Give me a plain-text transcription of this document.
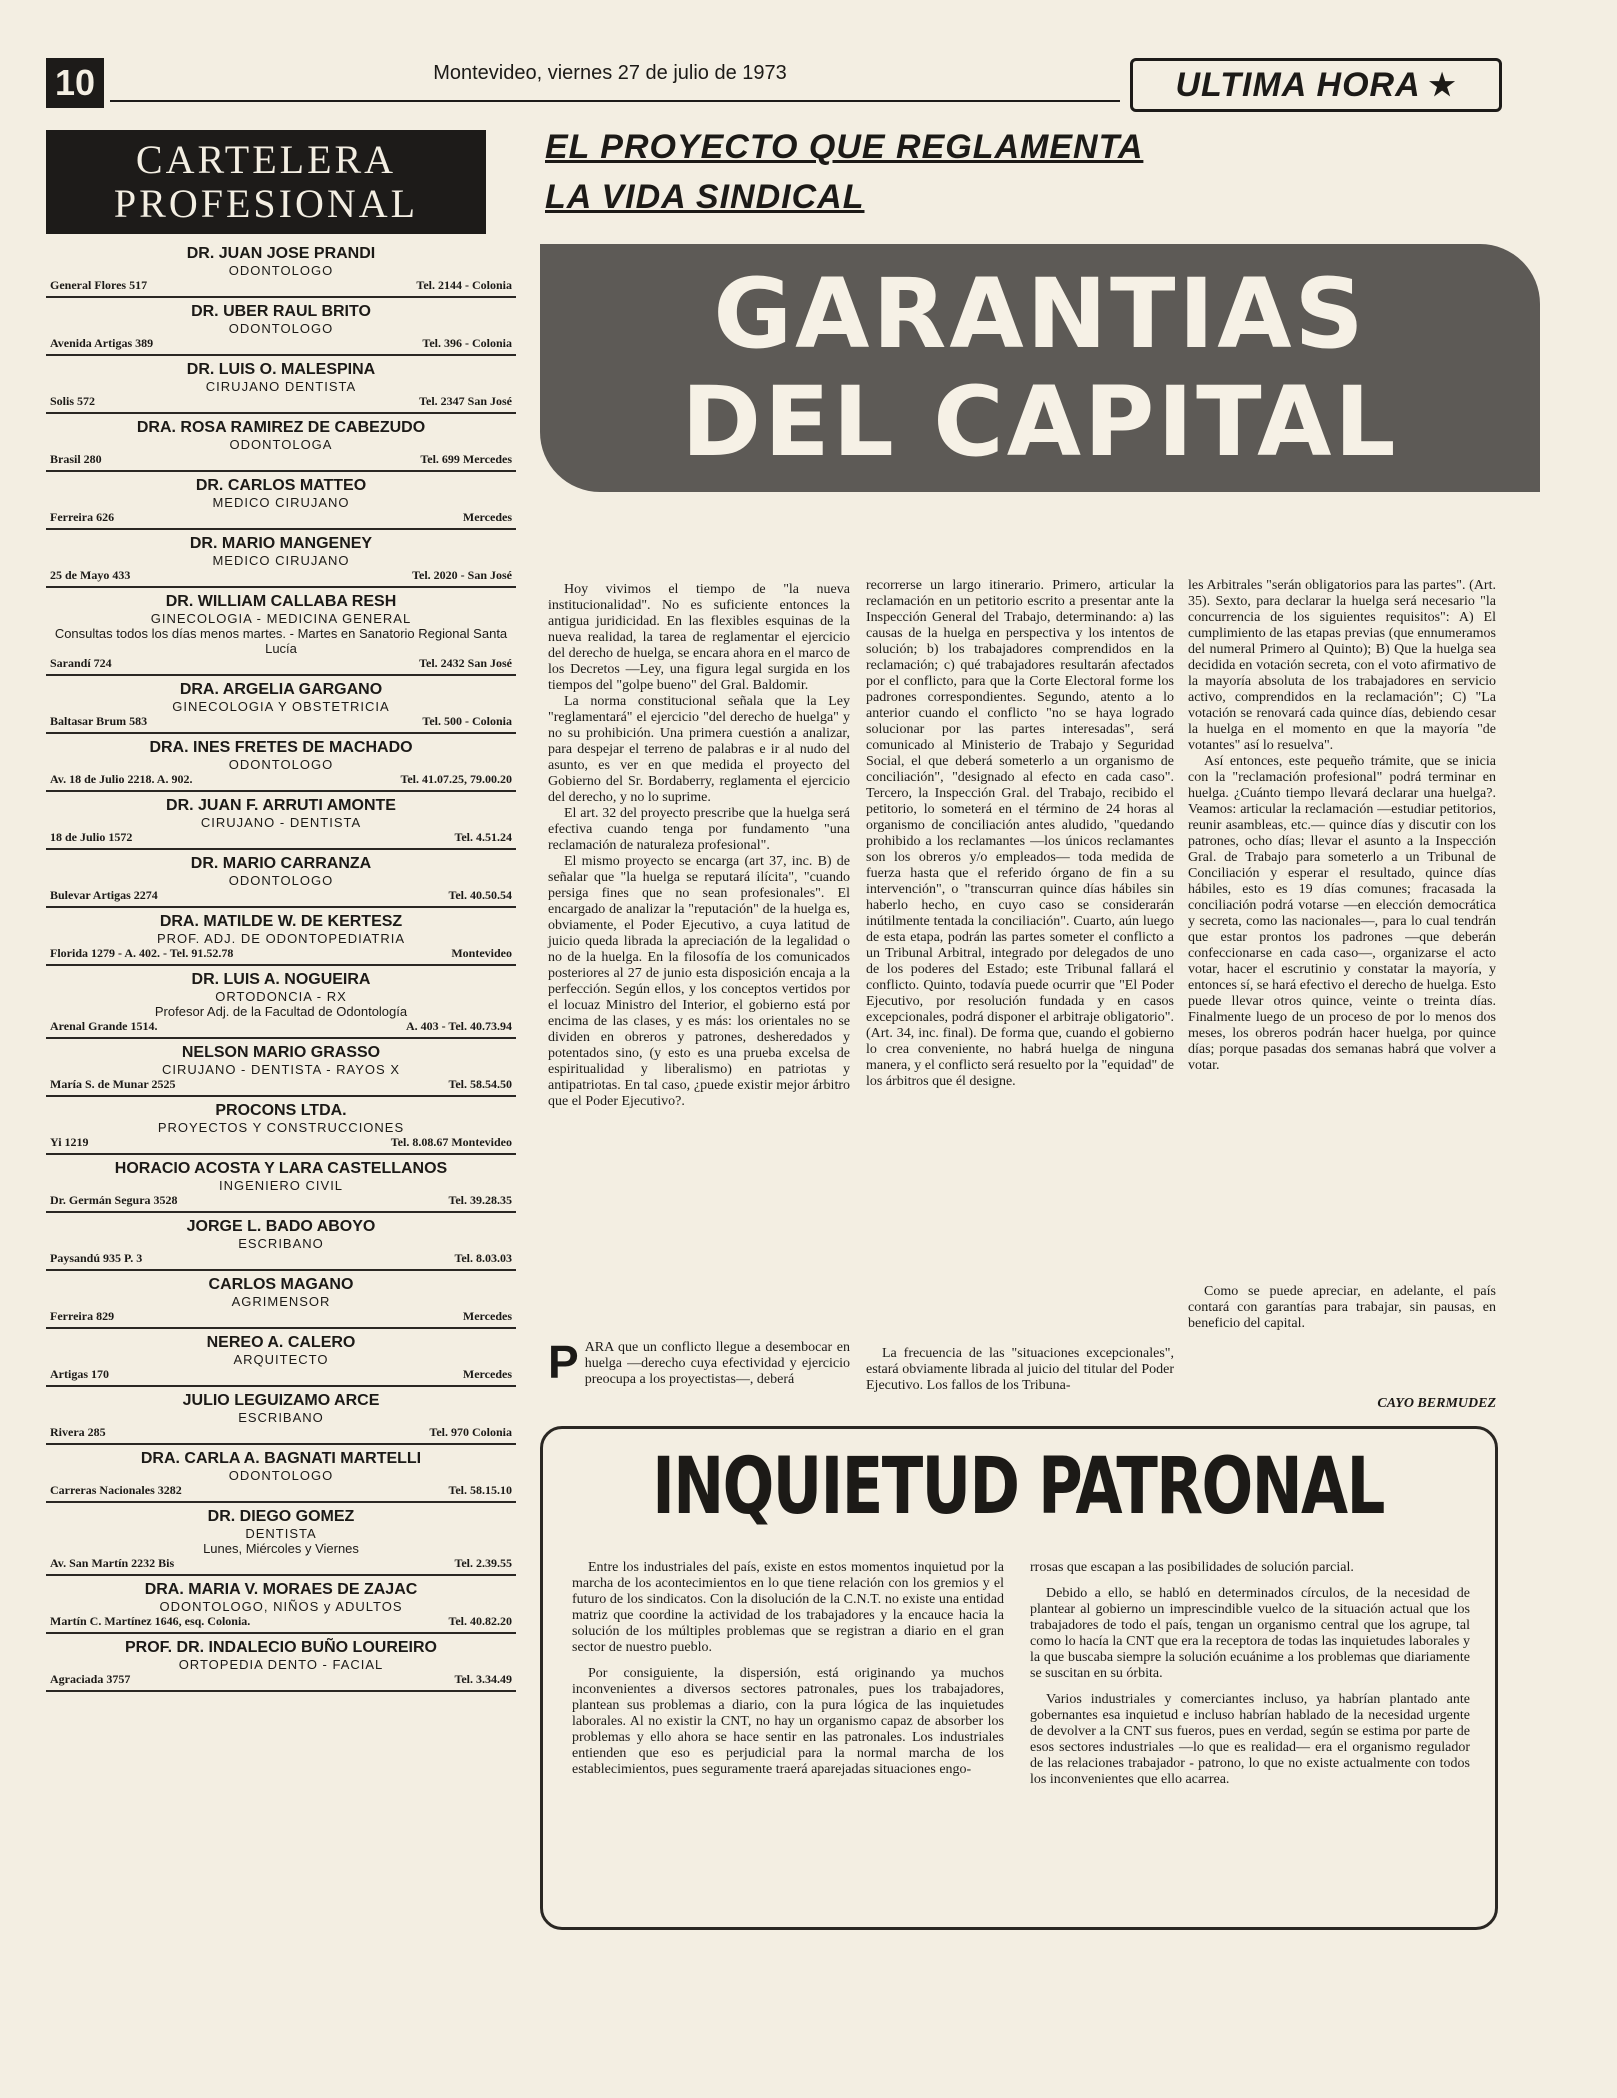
10	Montevideo, viernes 27 de julio de 1973	ULTIMA HORA ★
CARTELERA
PROFESIONAL
DR. JUAN JOSE PRANDI
ODONTOLOGO
General Flores 517	Tel. 2144 - Colonia
DR. UBER RAUL BRITO
ODONTOLOGO
Avenida Artigas 389	Tel. 396 - Colonia
DR. LUIS O. MALESPINA
CIRUJANO DENTISTA
Solis 572	Tel. 2347 San José
DRA. ROSA RAMIREZ DE CABEZUDO
ODONTOLOGA
Brasil 280	Tel. 699 Mercedes
DR. CARLOS MATTEO
MEDICO CIRUJANO
Ferreira 626	Mercedes
DR. MARIO MANGENEY
MEDICO CIRUJANO
25 de Mayo 433	Tel. 2020 - San José
DR. WILLIAM CALLABA RESH
GINECOLOGIA - MEDICINA GENERAL
Consultas todos los días menos martes. - Martes en Sanatorio Regional Santa Lucía
Sarandí 724	Tel. 2432 San José
DRA. ARGELIA GARGANO
GINECOLOGIA Y OBSTETRICIA
Baltasar Brum 583	Tel. 500 - Colonia
DRA. INES FRETES DE MACHADO
ODONTOLOGO
Av. 18 de Julio 2218. A. 902.	Tel. 41.07.25, 79.00.20
DR. JUAN F. ARRUTI AMONTE
CIRUJANO - DENTISTA
18 de Julio 1572	Tel. 4.51.24
DR. MARIO CARRANZA
ODONTOLOGO
Bulevar Artigas 2274	Tel. 40.50.54
DRA. MATILDE W. DE KERTESZ
PROF. ADJ. DE ODONTOPEDIATRIA
Florida 1279 - A. 402. - Tel. 91.52.78	Montevideo
DR. LUIS A. NOGUEIRA
ORTODONCIA - RX
Profesor Adj. de la Facultad de Odontología
Arenal Grande 1514.	A. 403 - Tel. 40.73.94
NELSON MARIO GRASSO
CIRUJANO - DENTISTA - RAYOS X
María S. de Munar 2525	Tel. 58.54.50
PROCONS LTDA.
PROYECTOS Y CONSTRUCCIONES
Yi 1219	Tel. 8.08.67 Montevideo
HORACIO ACOSTA Y LARA CASTELLANOS
INGENIERO CIVIL
Dr. Germán Segura 3528	Tel. 39.28.35
JORGE L. BADO ABOYO
ESCRIBANO
Paysandú 935 P. 3	Tel. 8.03.03
CARLOS MAGANO
AGRIMENSOR
Ferreira 829	Mercedes
NEREO A. CALERO
ARQUITECTO
Artigas 170	Mercedes
JULIO LEGUIZAMO ARCE
ESCRIBANO
Rivera 285	Tel. 970 Colonia
DRA. CARLA A. BAGNATI MARTELLI
ODONTOLOGO
Carreras Nacionales 3282	Tel. 58.15.10
DR. DIEGO GOMEZ
DENTISTA
Lunes, Miércoles y Viernes
Av. San Martín 2232 Bis	Tel. 2.39.55
DRA. MARIA V. MORAES DE ZAJAC
ODONTOLOGO, NIÑOS y ADULTOS
Martín C. Martínez 1646, esq. Colonia.	Tel. 40.82.20
PROF. DR. INDALECIO BUÑO LOUREIRO
ORTOPEDIA DENTO - FACIAL
Agraciada 3757	Tel. 3.34.49
EL PROYECTO QUE REGLAMENTA
LA VIDA SINDICAL
GARANTIAS
DEL CAPITAL

Hoy vivimos el tiempo de "la nueva institucionalidad". No es suficiente entonces la antigua juridicidad. En las flexibles esquinas de la nueva realidad, la tarea de reglamentar el ejercicio del derecho de huelga, se encara ahora en el marco de los Decretos —Ley, una figura legal surgida en los tiempos del "golpe bueno" del Gral. Baldomir.

La norma constitucional señala que la Ley "reglamentará" el ejercicio "del derecho de huelga" y no su prohibición. Una primera cuestión a analizar, para despejar el terreno de palabras e ir al nudo del asunto, es ver en que medida el proyecto del Gobierno del Sr. Bordaberry, reglamenta el ejercicio del derecho, y no lo suprime.

El art. 32 del proyecto prescribe que la huelga será efectiva cuando tenga por fundamento "una reclamación de naturaleza profesional".

El mismo proyecto se encarga (art 37, inc. B) de señalar que "la huelga se reputará ilícita", "cuando persiga fines que no sean profesionales". El encargado de analizar la "reputación" de la huelga es, obviamente, el Poder Ejecutivo, a cuya latitud de juicio queda librada la apreciación de la legalidad o no de la huelga. En la filosofía de los comunicados posteriores al 27 de junio esta disposición encaja a la perfección. Según ellos, y los conceptos vertidos por el locuaz Ministro del Interior, el gobierno está por encima de las clases, y es más: los orientales no se dividen en obreros y patrones, desheredados y potentados sino, (y esto es una prueba excelsa de espiritualidad y liberalismo) en patriotas y antipatriotas. En tal caso, ¿puede existir mejor árbitro que el Poder Ejecutivo?.

PARA que un conflicto llegue a desembocar en huelga —derecho cuya efectividad y ejercicio preocupa a los proyectistas—, deberá

recorrerse un largo itinerario. Primero, articular la reclamación en un petitorio escrito a presentar ante la Inspección General del Trabajo, determinando: a) las causas de la huelga en perspectiva y los intentos de solución; b) los trabajadores comprendidos en la reclamación; c) qué trabajadores resultarán afectados por el conflicto, para que la Corte Electoral forme los padrones correspondientes. Segundo, atento a lo anterior cuando el conflicto "no se haya logrado solucionar por las partes interesadas", será comunicado al Ministerio de Trabajo y Seguridad Social, el que deberá someterlo a un organismo de conciliación", "designado al efecto en cada caso". Tercero, la Inspección Gral. del Trabajo, recibido el petitorio, lo someterá en el término de 24 horas al organismo de conciliación antes aludido, "quedando prohibido a los reclamantes —los únicos reclamantes son los obreros y/o empleados— toda medida de fuerza hasta que el referido órgano de fin a su intervención", o "transcurran quince días hábiles sin haberlo hecho, en cuyo caso se considerarán inútilmente tentada la conciliación". Cuarto, aún luego de esta etapa, podrán las partes someter el conflicto a un Tribunal Arbitral, integrado por delegados de uno de los poderes del Estado; este Tribunal fallará el conflicto. Quinto, todavía puede ocurrir que "El Poder Ejecutivo, por resolución fundada y en casos excepcionales, podrá disponer el arbitraje obligatorio". (Art. 34, inc. final). De forma que, cuando el gobierno lo crea conveniente, no habrá huelga de ninguna manera, y el conflicto será resuelto por la "equidad" de los árbitros que él designe.

La frecuencia de las "situaciones excepcionales", estará obviamente librada al juicio del titular del Poder Ejecutivo. Los fallos de los Tribuna-

les Arbitrales "serán obligatorios para las partes". (Art. 35). Sexto, para declarar la huelga será necesario "la concurrencia de los siguientes requisitos": A) El cumplimiento de las etapas previas (que ennumeramos del numeral Primero al Quinto); B) Que la huelga sea decidida en votación secreta, con el voto afirmativo de la mayoría absoluta de los trabajadores en servicio activo, comprendidos en la reclamación"; C) "La votación se renovará cada quince días, debiendo cesar la huelga en el momento en que la mayoría "de votantes" así lo resuelva".

Así entonces, este pequeño trámite, que se inicia con la "reclamación profesional" podrá terminar en huelga. ¿Cuánto tiempo llevará declarar una huelga?. Veamos: articular la reclamación —estudiar petitorios, reunir asambleas, etc.— quince días y discutir con los patrones, ocho días; llevar el asunto a la Inspección Gral. de Trabajo para someterlo a un Tribunal de Conciliación y esperar el resultado, quince días hábiles, esto es 19 días comunes; fracasada la conciliación podrá votarse —en elección democrática y secreta, como las nacionales—, para lo cual tendrán que estar prontos los padrones —que deberán confeccionarse en cada caso—, organizarse el acto votar, hacer el escrutinio y constatar la mayoría, y entonces sí, se hará efectivo el derecho de huelga. Esto puede llevar otros quince, veinte o treinta días. Finalmente luego de un proceso de por lo menos dos meses, los obreros podrán hacer huelga, por quince días; porque pasadas dos semanas habrá que volver a votar.

Como se puede apreciar, en adelante, el país contará con garantías para trabajar, sin pausas, en beneficio del capital.

CAYO BERMUDEZ
INQUIETUD PATRONAL

Entre los industriales del país, existe en estos momentos inquietud por la marcha de los acontecimientos en lo que tiene relación con los gremios y el futuro de los sindicatos. Con la disolución de la C.N.T. no existe una entidad matriz que coordine la actividad de los trabajadores y la encauce hacia la solución de los múltiples problemas que se registran a diario en el gran sector de nuestro pueblo.

Por consiguiente, la dispersión, está originando ya muchos inconvenientes a diversos sectores patronales, pues los trabajadores, plantean sus problemas a diario, con la pura lógica de las inquietudes laborales. Al no existir la CNT, no hay un organismo capaz de absorber los problemas y ello ahora se hace sentir en las patronales. Los industriales entienden que eso es perjudicial para la normal marcha de los establecimientos, pues seguramente traerá aparejadas situaciones engo-

rrosas que escapan a las posibilidades de solución parcial.

Debido a ello, se habló en determinados círculos, de la necesidad de plantear al gobierno un imprescindible vuelco de la situación actual que los trabajadores de todo el país, tengan un organismo central que los agrupe, tal como lo hacía la CNT que era la receptora de todas las inquietudes laborales y la que buscaba siempre la solución ecuánime a los problemas que diariamente se suscitan en su órbita.

Varios industriales y comerciantes incluso, ya habrían plantado ante gobernantes esa inquietud e incluso habrían hablado de la necesidad urgente de devolver a la CNT sus fueros, pues en verdad, según se estima por parte de esos sectores industriales —lo que es realidad— era el organismo regulador de las relaciones trabajador - patrono, lo que no existe actualmente con todos los inconvenientes que ello acarrea.
